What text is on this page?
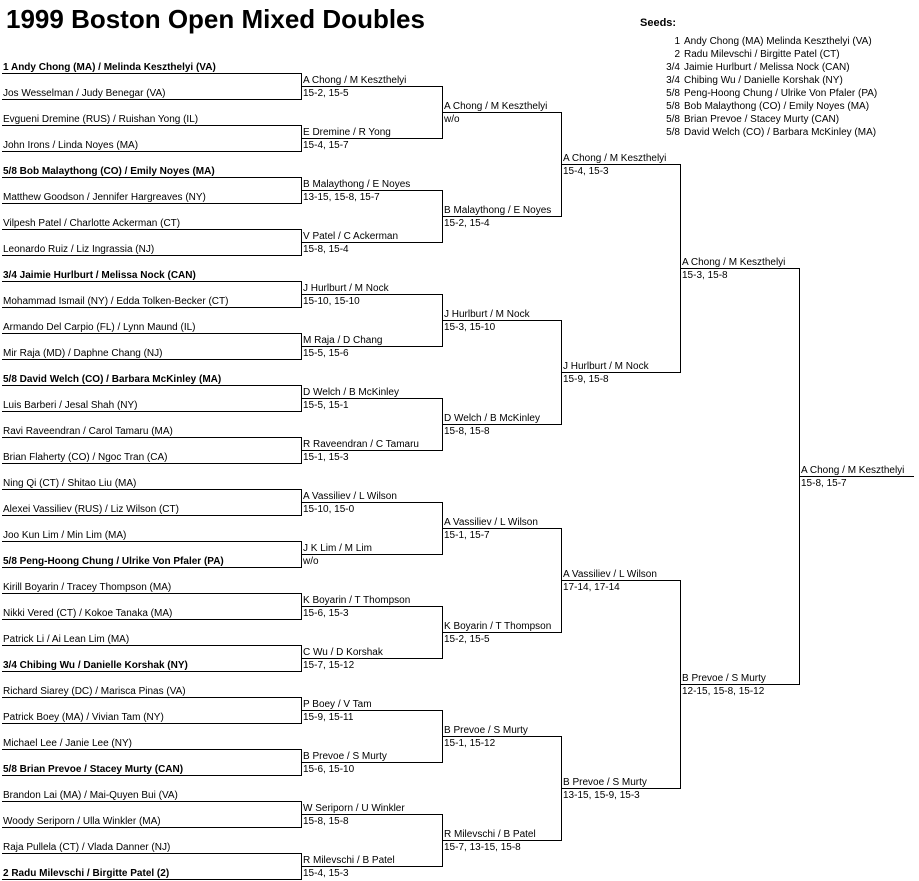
1999 Boston Open Mixed Doubles	Seeds:
1 Andy Chong (MA) Melinda Keszthelyi (VA)
2 Radu Milevschi / Birgitte Patel (CT)
3/4 Jaimie Hurlburt / Melissa Nock (CAN)
3/4 Chibing Wu / Danielle Korshak (NY)
5/8 Peng-Hoong Chung / Ulrike Von Pfaler (PA)
5/8 Bob Malaythong (CO) / Emily Noyes (MA)
5/8 Brian Prevoe / Stacey Murty (CAN)
5/8 David Welch (CO) / Barbara McKinley (MA)
1 Andy Chong (MA) / Melinda Keszthelyi (VA)
Jos Wesselman / Judy Benegar (VA)
Evgueni Dremine (RUS) / Ruishan Yong (IL)
John Irons / Linda Noyes (MA)
5/8 Bob Malaythong (CO) / Emily Noyes (MA)
Matthew Goodson / Jennifer Hargreaves (NY)
Vilpesh Patel / Charlotte Ackerman (CT)
Leonardo Ruiz / Liz Ingrassia (NJ)
3/4 Jaimie Hurlburt / Melissa Nock (CAN)
Mohammad Ismail (NY) / Edda Tolken-Becker (CT)
Armando Del Carpio (FL) / Lynn Maund (IL)
Mir Raja (MD) / Daphne Chang (NJ)
5/8 David Welch (CO) / Barbara McKinley (MA)
Luis Barberi / Jesal Shah (NY)
Ravi Raveendran / Carol Tamaru (MA)
Brian Flaherty (CO) / Ngoc Tran (CA)
Ning Qi (CT) / Shitao Liu (MA)
Alexei Vassiliev (RUS) / Liz Wilson (CT)
Joo Kun Lim / Min Lim (MA)
5/8 Peng-Hoong Chung / Ulrike Von Pfaler (PA)
Kirill Boyarin / Tracey Thompson (MA)
Nikki Vered (CT) / Kokoe Tanaka (MA)
Patrick Li / Ai Lean Lim (MA)
3/4 Chibing Wu / Danielle Korshak (NY)
Richard Siarey (DC) / Marisca Pinas (VA)
Patrick Boey (MA) / Vivian Tam (NY)
Michael Lee / Janie Lee (NY)
5/8 Brian Prevoe / Stacey Murty (CAN)
Brandon Lai (MA) / Mai-Quyen Bui (VA)
Woody Seriporn / Ulla Winkler (MA)
Raja Pullela (CT) / Vlada Danner (NJ)
2 Radu Milevschi / Birgitte Patel (2)
A Chong / M Keszthelyi
15-2, 15-5
E Dremine / R Yong
15-4, 15-7
B Malaythong / E Noyes
13-15, 15-8, 15-7
V Patel / C Ackerman
15-8, 15-4
J Hurlburt / M Nock
15-10, 15-10
M Raja / D Chang
15-5, 15-6
D Welch / B McKinley
15-5, 15-1
R Raveendran / C Tamaru
15-1, 15-3
A Vassiliev / L Wilson
15-10, 15-0
J K Lim / M Lim
w/o
K Boyarin / T Thompson
15-6, 15-3
C Wu / D Korshak
15-7, 15-12
P Boey / V Tam
15-9, 15-11
B Prevoe / S Murty
15-6, 15-10
W Seriporn / U Winkler
15-8, 15-8
R Milevschi / B Patel
15-4, 15-3
A Chong / M Keszthelyi
w/o
B Malaythong / E Noyes
15-2, 15-4
J Hurlburt / M Nock
15-3, 15-10
D Welch / B McKinley
15-8, 15-8
A Vassiliev / L Wilson
15-1, 15-7
K Boyarin / T Thompson
15-2, 15-5
B Prevoe / S Murty
15-1, 15-12
R Milevschi / B Patel
15-7, 13-15, 15-8
A Chong / M Keszthelyi
15-4, 15-3
J Hurlburt / M Nock
15-9, 15-8
A Vassiliev / L Wilson
17-14, 17-14
B Prevoe / S Murty
13-15, 15-9, 15-3
A Chong / M Keszthelyi
15-3, 15-8
B Prevoe / S Murty
12-15, 15-8, 15-12
A Chong / M Keszthelyi
15-8, 15-7
